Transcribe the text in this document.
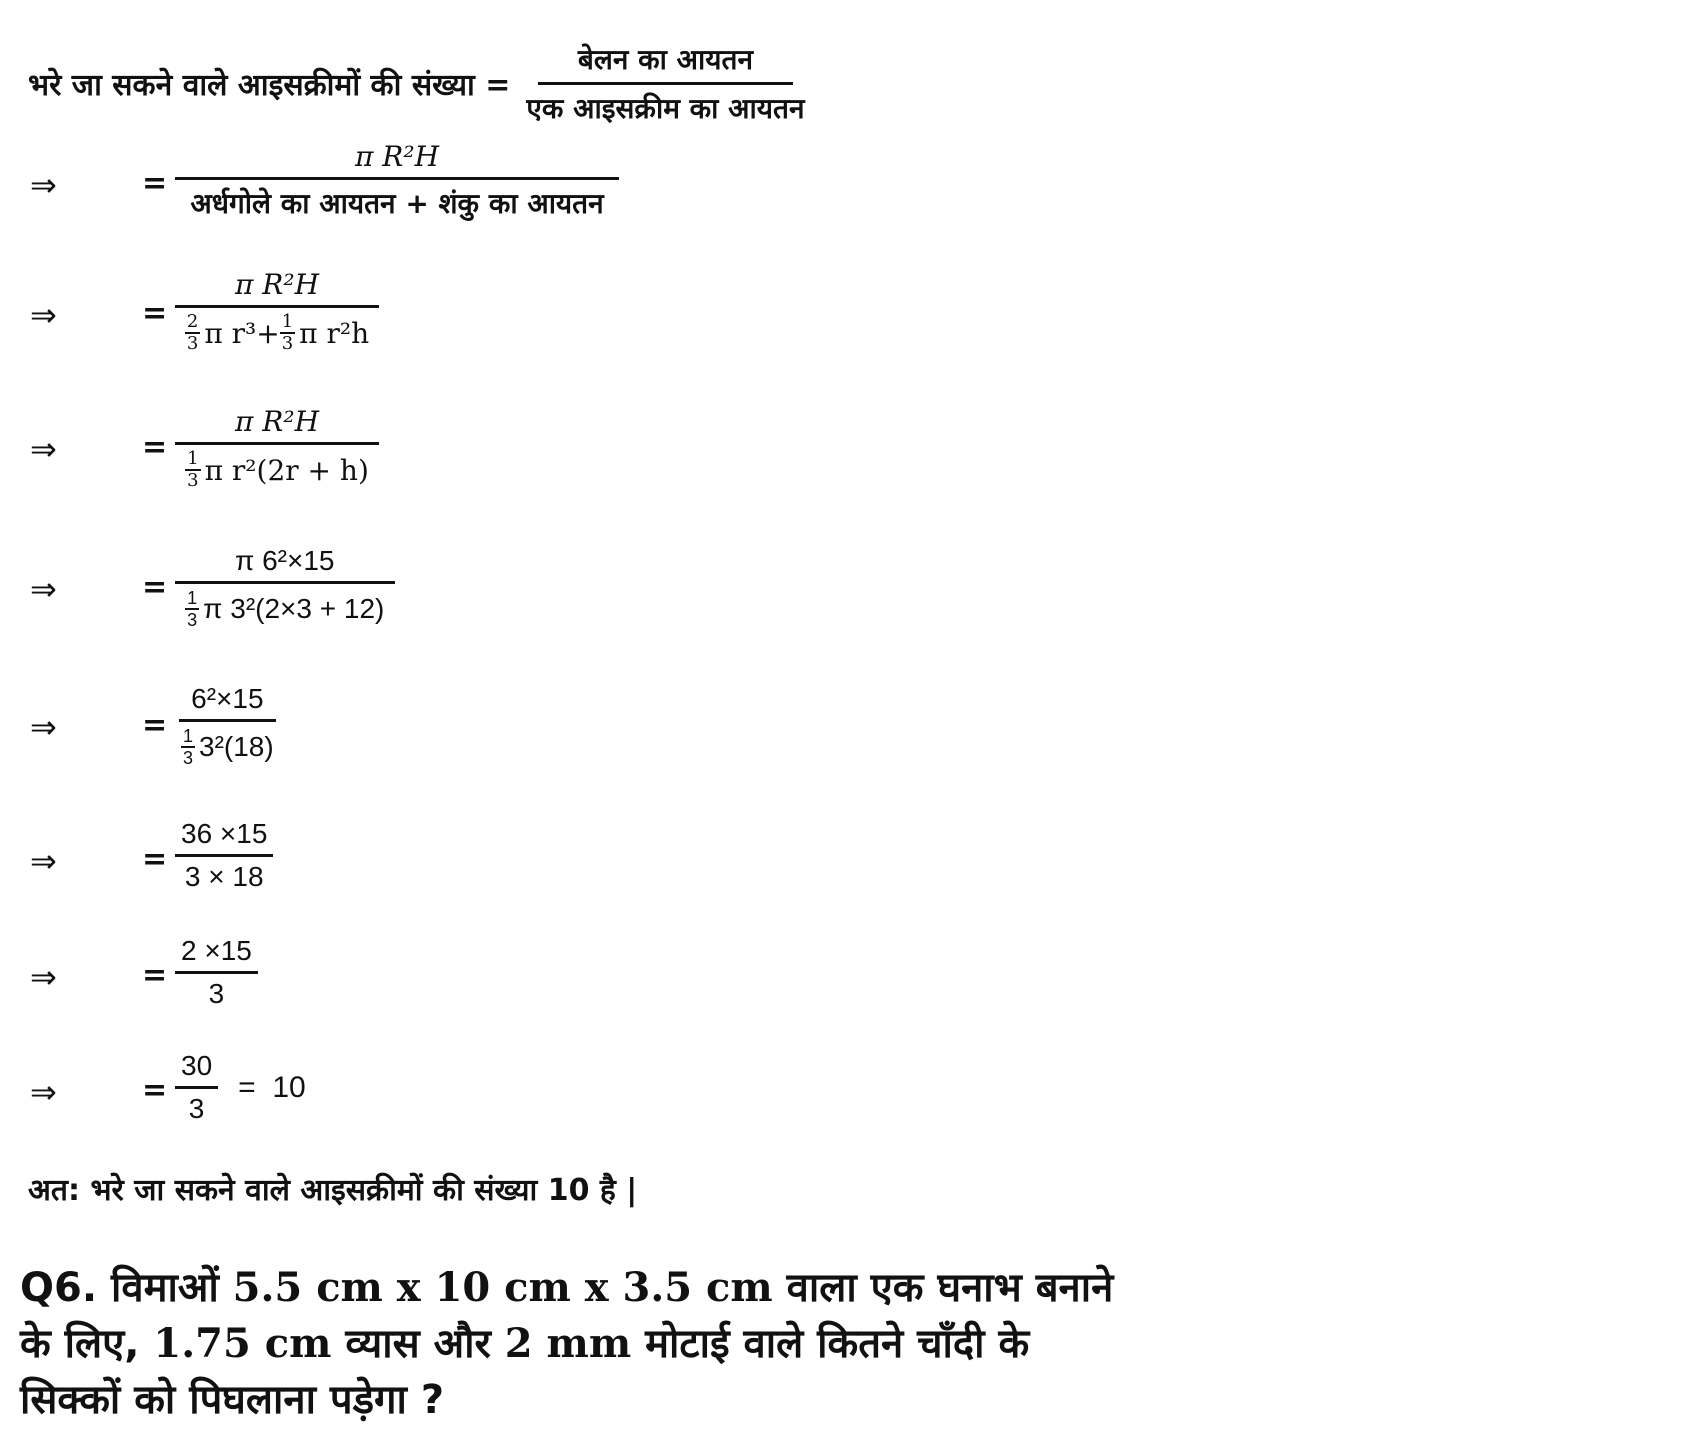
भरे जा सकने वाले आइसक्रीमों की संख्या = $\frac{\text{बेलन का आयतन}}{\text{एक आइसक्रीम का आयतन}}$
⇒	= $\frac{\text{π R²H}}{\text{अर्धगोले का आयतन + शंकु का आयतन}}$
⇒	= $\frac{\text{π R²H}}{\frac{2}{3} \pi r^3+ \frac{1}{3} \pi r^2h}$
⇒	= $\frac{\text{π R²H}}{\frac{1}{3} \pi r^2(2r + h)}$
⇒	= $\frac{\text{π 6²×15}}{\frac{1}{3} \pi 3^2(2\times 3 + 12)}$
⇒	= $\frac{\text{6²×15}}{\frac{1}{3} 3^2(18)}$
⇒	= $\frac{36 \times 15}{3 \times 18}$
⇒	= $\frac{2 \times 15}{3}$
⇒	= $\frac{30}{3} = 10$
अत: भरे जा सकने वाले आइसक्रीमों की संख्या 10 है |
Q6. विमाओं 5.5 cm x 10 cm x 3.5 cm वाला एक घनाभ बनाने के लिए, 1.75 cm व्यास और 2 mm मोटाई वाले कितने चाँदी के सिक्कों को पिघलाना पड़ेगा ?
